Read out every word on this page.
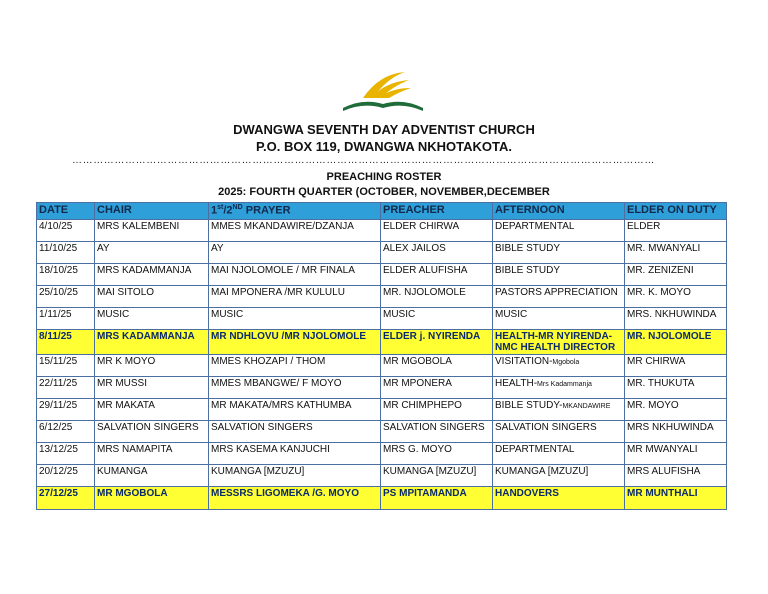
DWANGWA SEVENTH DAY ADVENTIST CHURCH
P.O. BOX 119, DWANGWA NKHOTAKOTA.
…………………………………………………………………………………………………………………………………………………
PREACHING ROSTER
2025: FOURTH QUARTER (OCTOBER, NOVEMBER,DECEMBER
DATE	CHAIR	1st/2ND PRAYER	PREACHER	AFTERNOON	ELDER ON DUTY
4/10/25	MRS KALEMBENI	MMES MKANDAWIRE/DZANJA	ELDER CHIRWA	DEPARTMENTAL	ELDER
11/10/25	AY	AY	ALEX JAILOS	BIBLE STUDY	MR. MWANYALI
18/10/25	MRS KADAMMANJA	MAI NJOLOMOLE / MR FINALA	ELDER ALUFISHA	BIBLE STUDY	MR. ZENIZENI
25/10/25	MAI SITOLO	MAI MPONERA /MR KULULU	MR. NJOLOMOLE	PASTORS APPRECIATION	MR. K. MOYO
1/11/25	MUSIC	MUSIC	MUSIC	MUSIC	MRS. NKHUWINDA
8/11/25	MRS KADAMMANJA	MR NDHLOVU /MR NJOLOMOLE	ELDER j. NYIRENDA	HEALTH-MR NYIRENDA-NMC HEALTH DIRECTOR	MR. NJOLOMOLE
15/11/25	MR K MOYO	MMES KHOZAPI / THOM	MR MGOBOLA	VISITATION-Mgobola	MR CHIRWA
22/11/25	MR MUSSI	MMES MBANGWE/ F MOYO	MR MPONERA	HEALTH-Mrs Kadammanja	MR. THUKUTA
29/11/25	MR MAKATA	MR MAKATA/MRS KATHUMBA	MR CHIMPHEPO	BIBLE STUDY-MKANDAWIRE	MR. MOYO
6/12/25	SALVATION SINGERS	SALVATION SINGERS	SALVATION SINGERS	SALVATION SINGERS	MRS NKHUWINDA
13/12/25	MRS NAMAPITA	MRS KASEMA KANJUCHI	MRS G. MOYO	DEPARTMENTAL	MR MWANYALI
20/12/25	KUMANGA	KUMANGA [MZUZU]	KUMANGA [MZUZU]	KUMANGA [MZUZU]	MRS ALUFISHA
27/12/25	MR MGOBOLA	MESSRS LIGOMEKA /G. MOYO	PS MPITAMANDA	HANDOVERS	MR MUNTHALI
